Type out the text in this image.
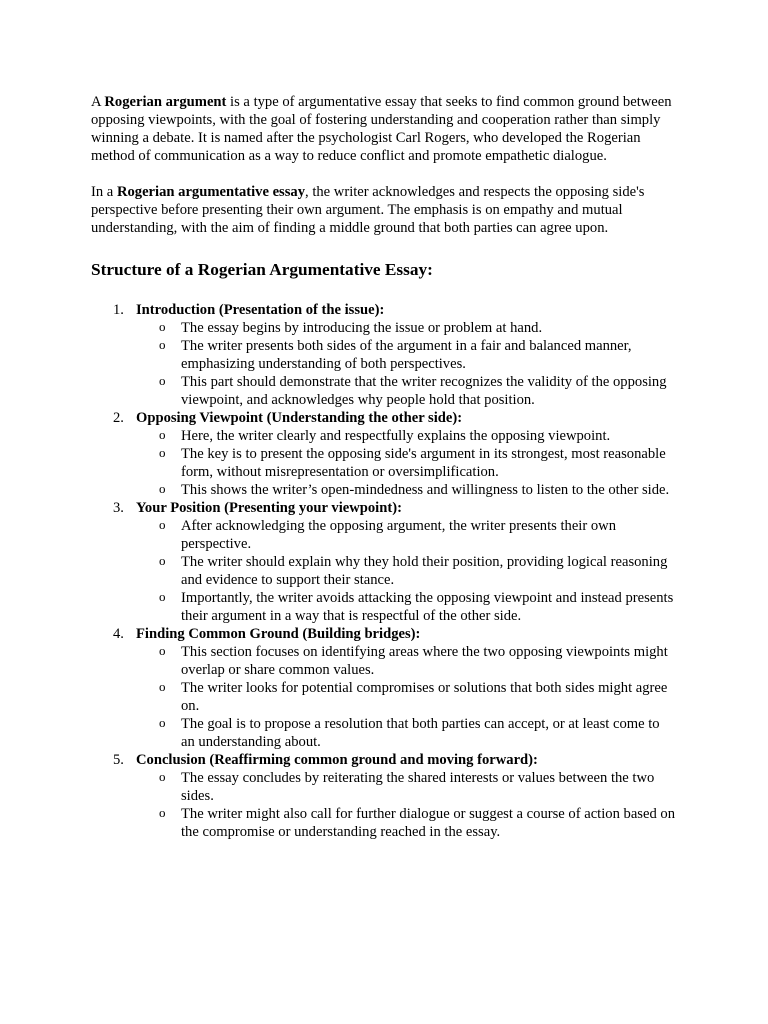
A Rogerian argument is a type of argumentative essay that seeks to find common ground between opposing viewpoints, with the goal of fostering understanding and cooperation rather than simply winning a debate. It is named after the psychologist Carl Rogers, who developed the Rogerian method of communication as a way to reduce conflict and promote empathetic dialogue.

In a Rogerian argumentative essay, the writer acknowledges and respects the opposing side's perspective before presenting their own argument. The emphasis is on empathy and mutual understanding, with the aim of finding a middle ground that both parties can agree upon.

Structure of a Rogerian Argumentative Essay:
1. Introduction (Presentation of the issue):
o The essay begins by introducing the issue or problem at hand.
o The writer presents both sides of the argument in a fair and balanced manner, emphasizing understanding of both perspectives.
o This part should demonstrate that the writer recognizes the validity of the opposing viewpoint, and acknowledges why people hold that position.
2. Opposing Viewpoint (Understanding the other side):
o Here, the writer clearly and respectfully explains the opposing viewpoint.
o The key is to present the opposing side's argument in its strongest, most reasonable form, without misrepresentation or oversimplification.
o This shows the writer’s open-mindedness and willingness to listen to the other side.
3. Your Position (Presenting your viewpoint):
o After acknowledging the opposing argument, the writer presents their own perspective.
o The writer should explain why they hold their position, providing logical reasoning and evidence to support their stance.
o Importantly, the writer avoids attacking the opposing viewpoint and instead presents their argument in a way that is respectful of the other side.
4. Finding Common Ground (Building bridges):
o This section focuses on identifying areas where the two opposing viewpoints might overlap or share common values.
o The writer looks for potential compromises or solutions that both sides might agree on.
o The goal is to propose a resolution that both parties can accept, or at least come to an understanding about.
5. Conclusion (Reaffirming common ground and moving forward):
o The essay concludes by reiterating the shared interests or values between the two sides.
o The writer might also call for further dialogue or suggest a course of action based on the compromise or understanding reached in the essay.
